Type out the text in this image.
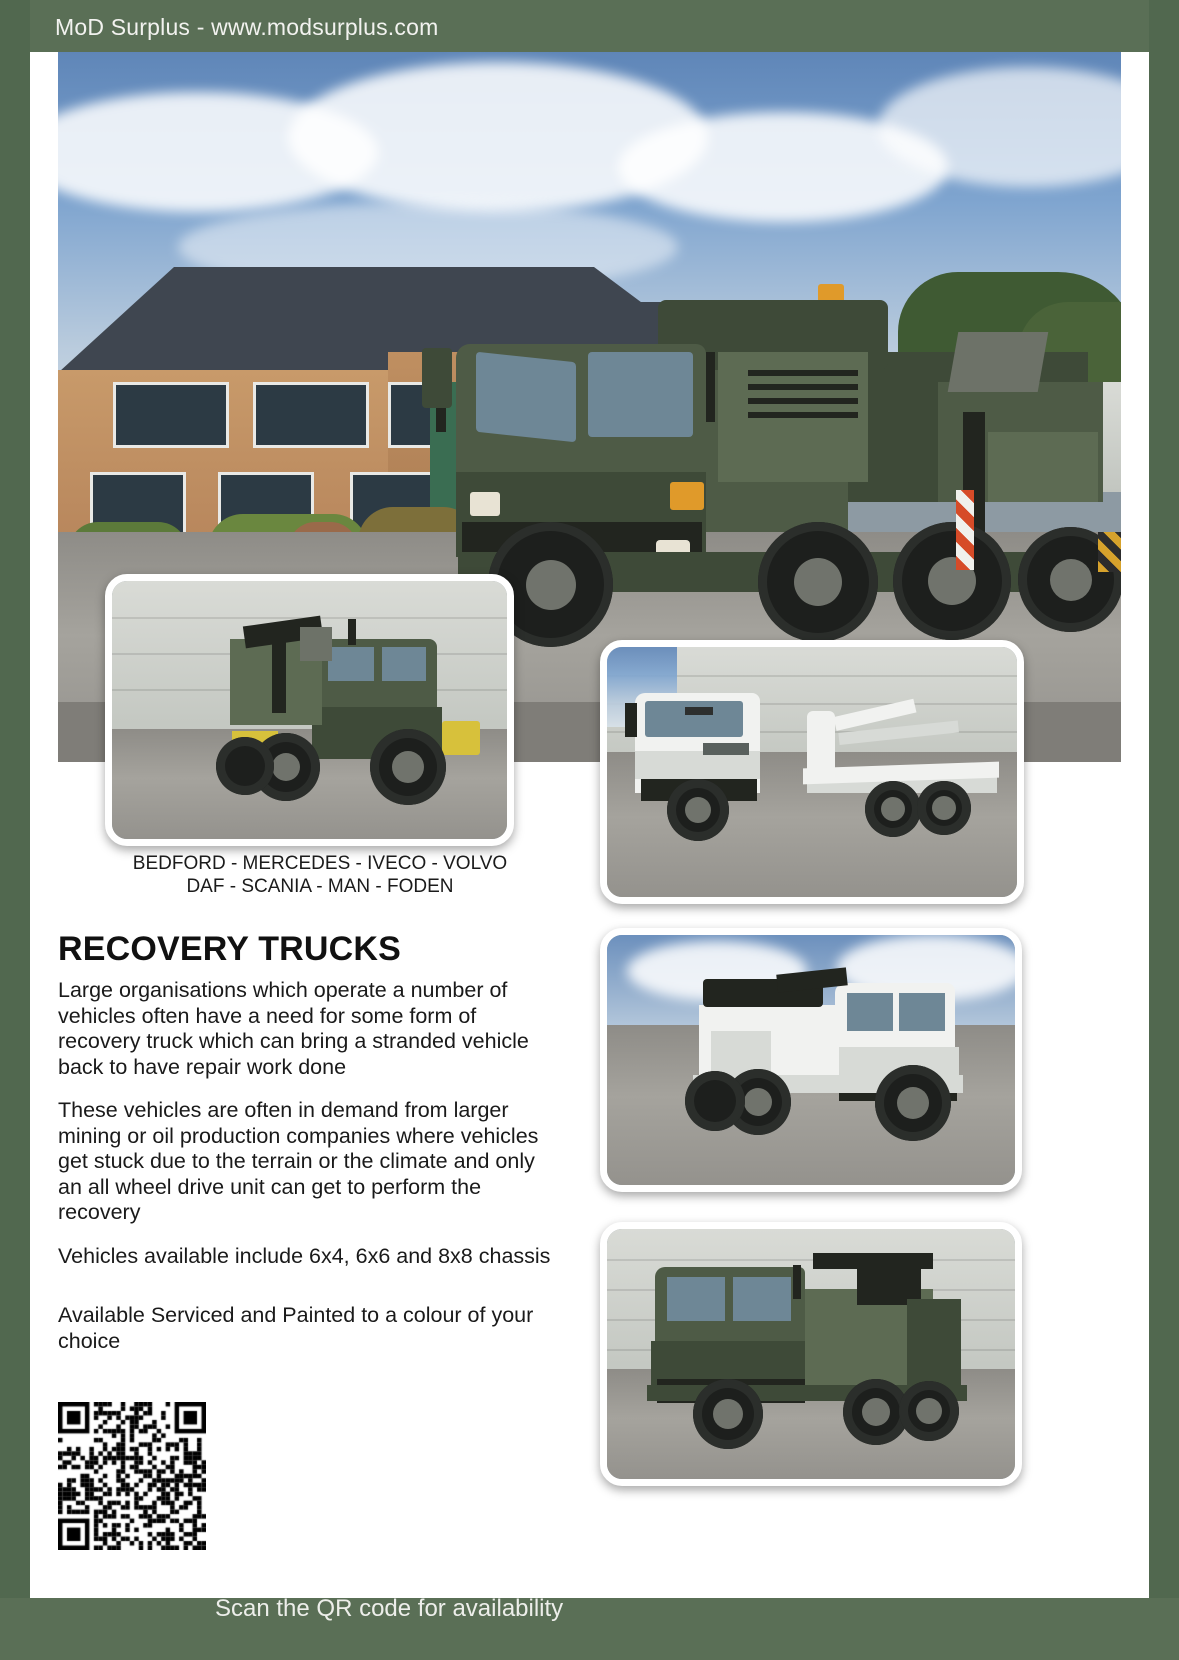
BEDFORD - MERCEDES - IVECO - VOLVO
DAF - SCANIA - MAN - FODEN
RECOVERY TRUCKS

Large organisations which operate a number of vehicles often have a need for some form of recovery truck which can bring a stranded vehicle back to have repair work done

These vehicles are often in demand from larger mining or oil production companies where vehicles get stuck due to the terrain or the climate and only an all wheel drive unit can get to perform the recovery

Vehicles available include 6x4, 6x6 and 8x8 chassis

Available Serviced and Painted to a colour of your choice

MoD Surplus - www.modsurplus.com
Scan the QR code for availability
